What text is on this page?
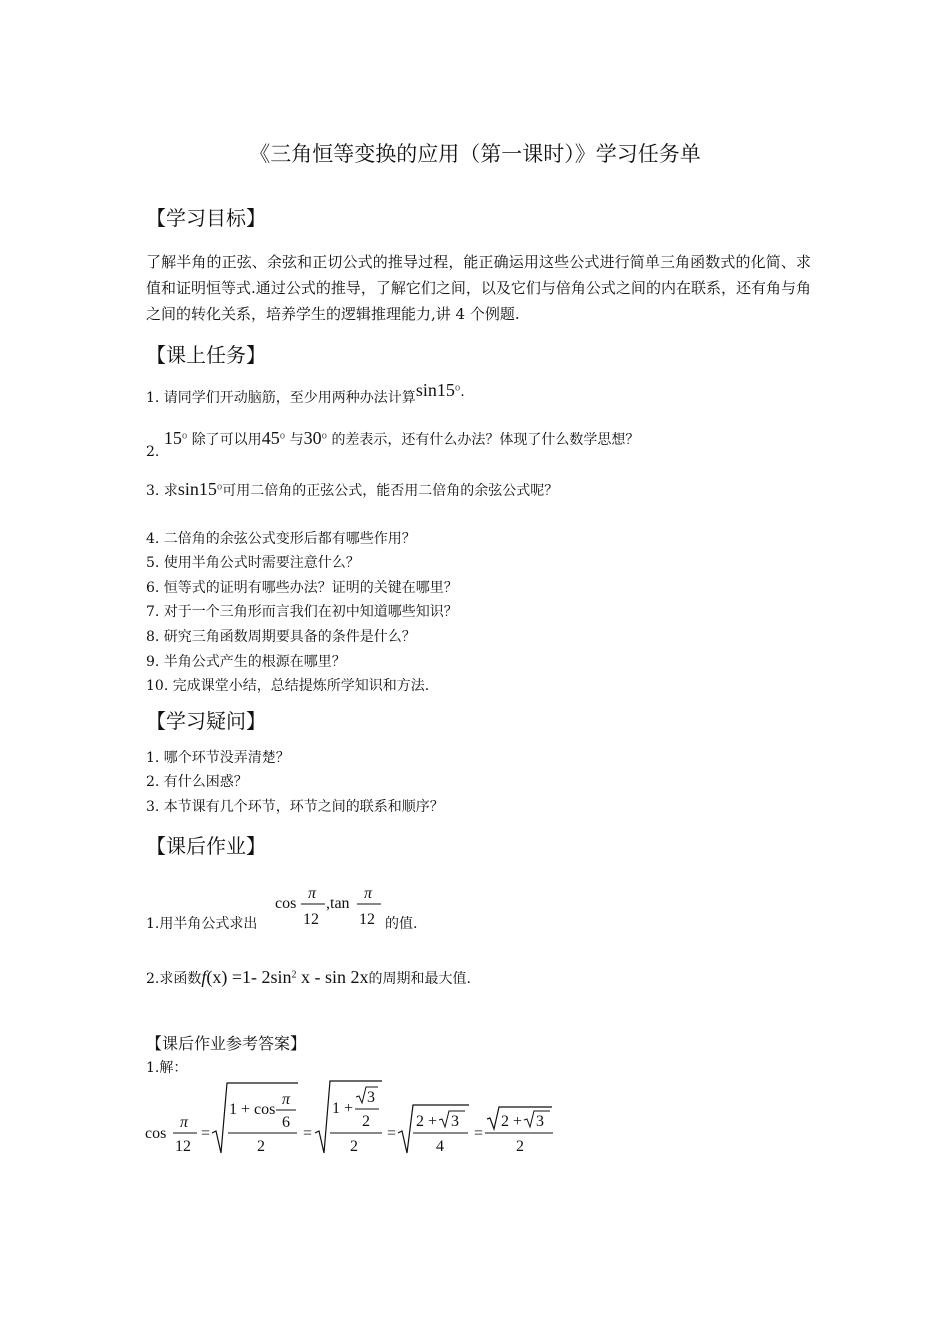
《三角恒等变换的应用（第一课时）》学习任务单
【学习目标】
了解半角的正弦、余弦和正切公式的推导过程，能正确运用这些公式进行简单三角函数式的化简、求值和证明恒等式.通过公式的推导，了解它们之间，以及它们与倍角公式之间的内在联系，还有角与角之间的转化关系，培养学生的逻辑推理能力,讲 4 个例题.
【课上任务】
1. 请同学们开动脑筋，至少用两种办法计算sin15$^o$.
2. 15$^o$ 除了可以用45$^o$ 与30$^o$ 的差表示，还有什么办法？体现了什么数学思想？
3. 求sin15$^o$可用二倍角的正弦公式，能否用二倍角的余弦公式呢？
4. 二倍角的余弦公式变形后都有哪些作用？
5. 使用半角公式时需要注意什么？
6. 恒等式的证明有哪些办法？证明的关键在哪里？
7. 对于一个三角形而言我们在初中知道哪些知识？
8. 研究三角函数周期要具备的条件是什么？
9. 半角公式产生的根源在哪里？
10. 完成课堂小结，总结提炼所学知识和方法.
【学习疑问】
1. 哪个环节没弄清楚？
2. 有什么困惑？
3. 本节课有几个环节，环节之间的联系和顺序？
【课后作业】
1.用半角公式求出
cos
π
12
,tan
π
12 的值.
2.求函数f(x) =1- $2\sin^2$ x - sin 2x的周期和最大值.
【课后作业参考答案】
1.解：
cos
π
12
=
1 + cos
π
6
2
=
1 +
3
2
2
=
2 + 3
4
=
2 + 3
2
